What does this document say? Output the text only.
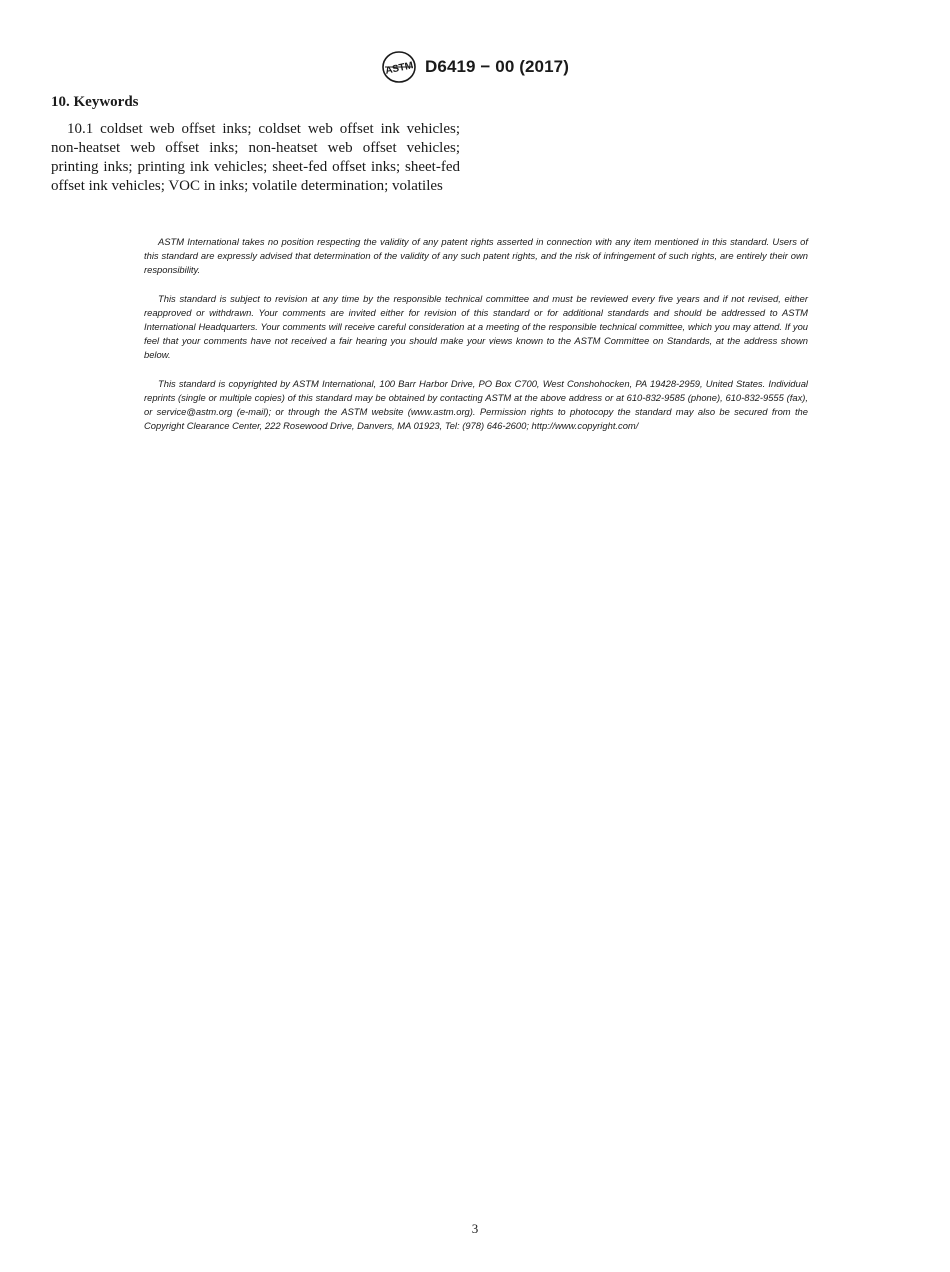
ASTM D6419 − 00 (2017)
10. Keywords

10.1 coldset web offset inks; coldset web offset ink vehicles; non-heatset web offset inks; non-heatset web offset vehicles; printing inks; printing ink vehicles; sheet-fed offset inks; sheet-fed offset ink vehicles; VOC in inks; volatile determination; volatiles

ASTM International takes no position respecting the validity of any patent rights asserted in connection with any item mentioned in this standard. Users of this standard are expressly advised that determination of the validity of any such patent rights, and the risk of infringement of such rights, are entirely their own responsibility.

This standard is subject to revision at any time by the responsible technical committee and must be reviewed every five years and if not revised, either reapproved or withdrawn. Your comments are invited either for revision of this standard or for additional standards and should be addressed to ASTM International Headquarters. Your comments will receive careful consideration at a meeting of the responsible technical committee, which you may attend. If you feel that your comments have not received a fair hearing you should make your views known to the ASTM Committee on Standards, at the address shown below.

This standard is copyrighted by ASTM International, 100 Barr Harbor Drive, PO Box C700, West Conshohocken, PA 19428-2959, United States. Individual reprints (single or multiple copies) of this standard may be obtained by contacting ASTM at the above address or at 610-832-9585 (phone), 610-832-9555 (fax), or service@astm.org (e-mail); or through the ASTM website (www.astm.org). Permission rights to photocopy the standard may also be secured from the Copyright Clearance Center, 222 Rosewood Drive, Danvers, MA 01923, Tel: (978) 646-2600; http://www.copyright.com/

3
